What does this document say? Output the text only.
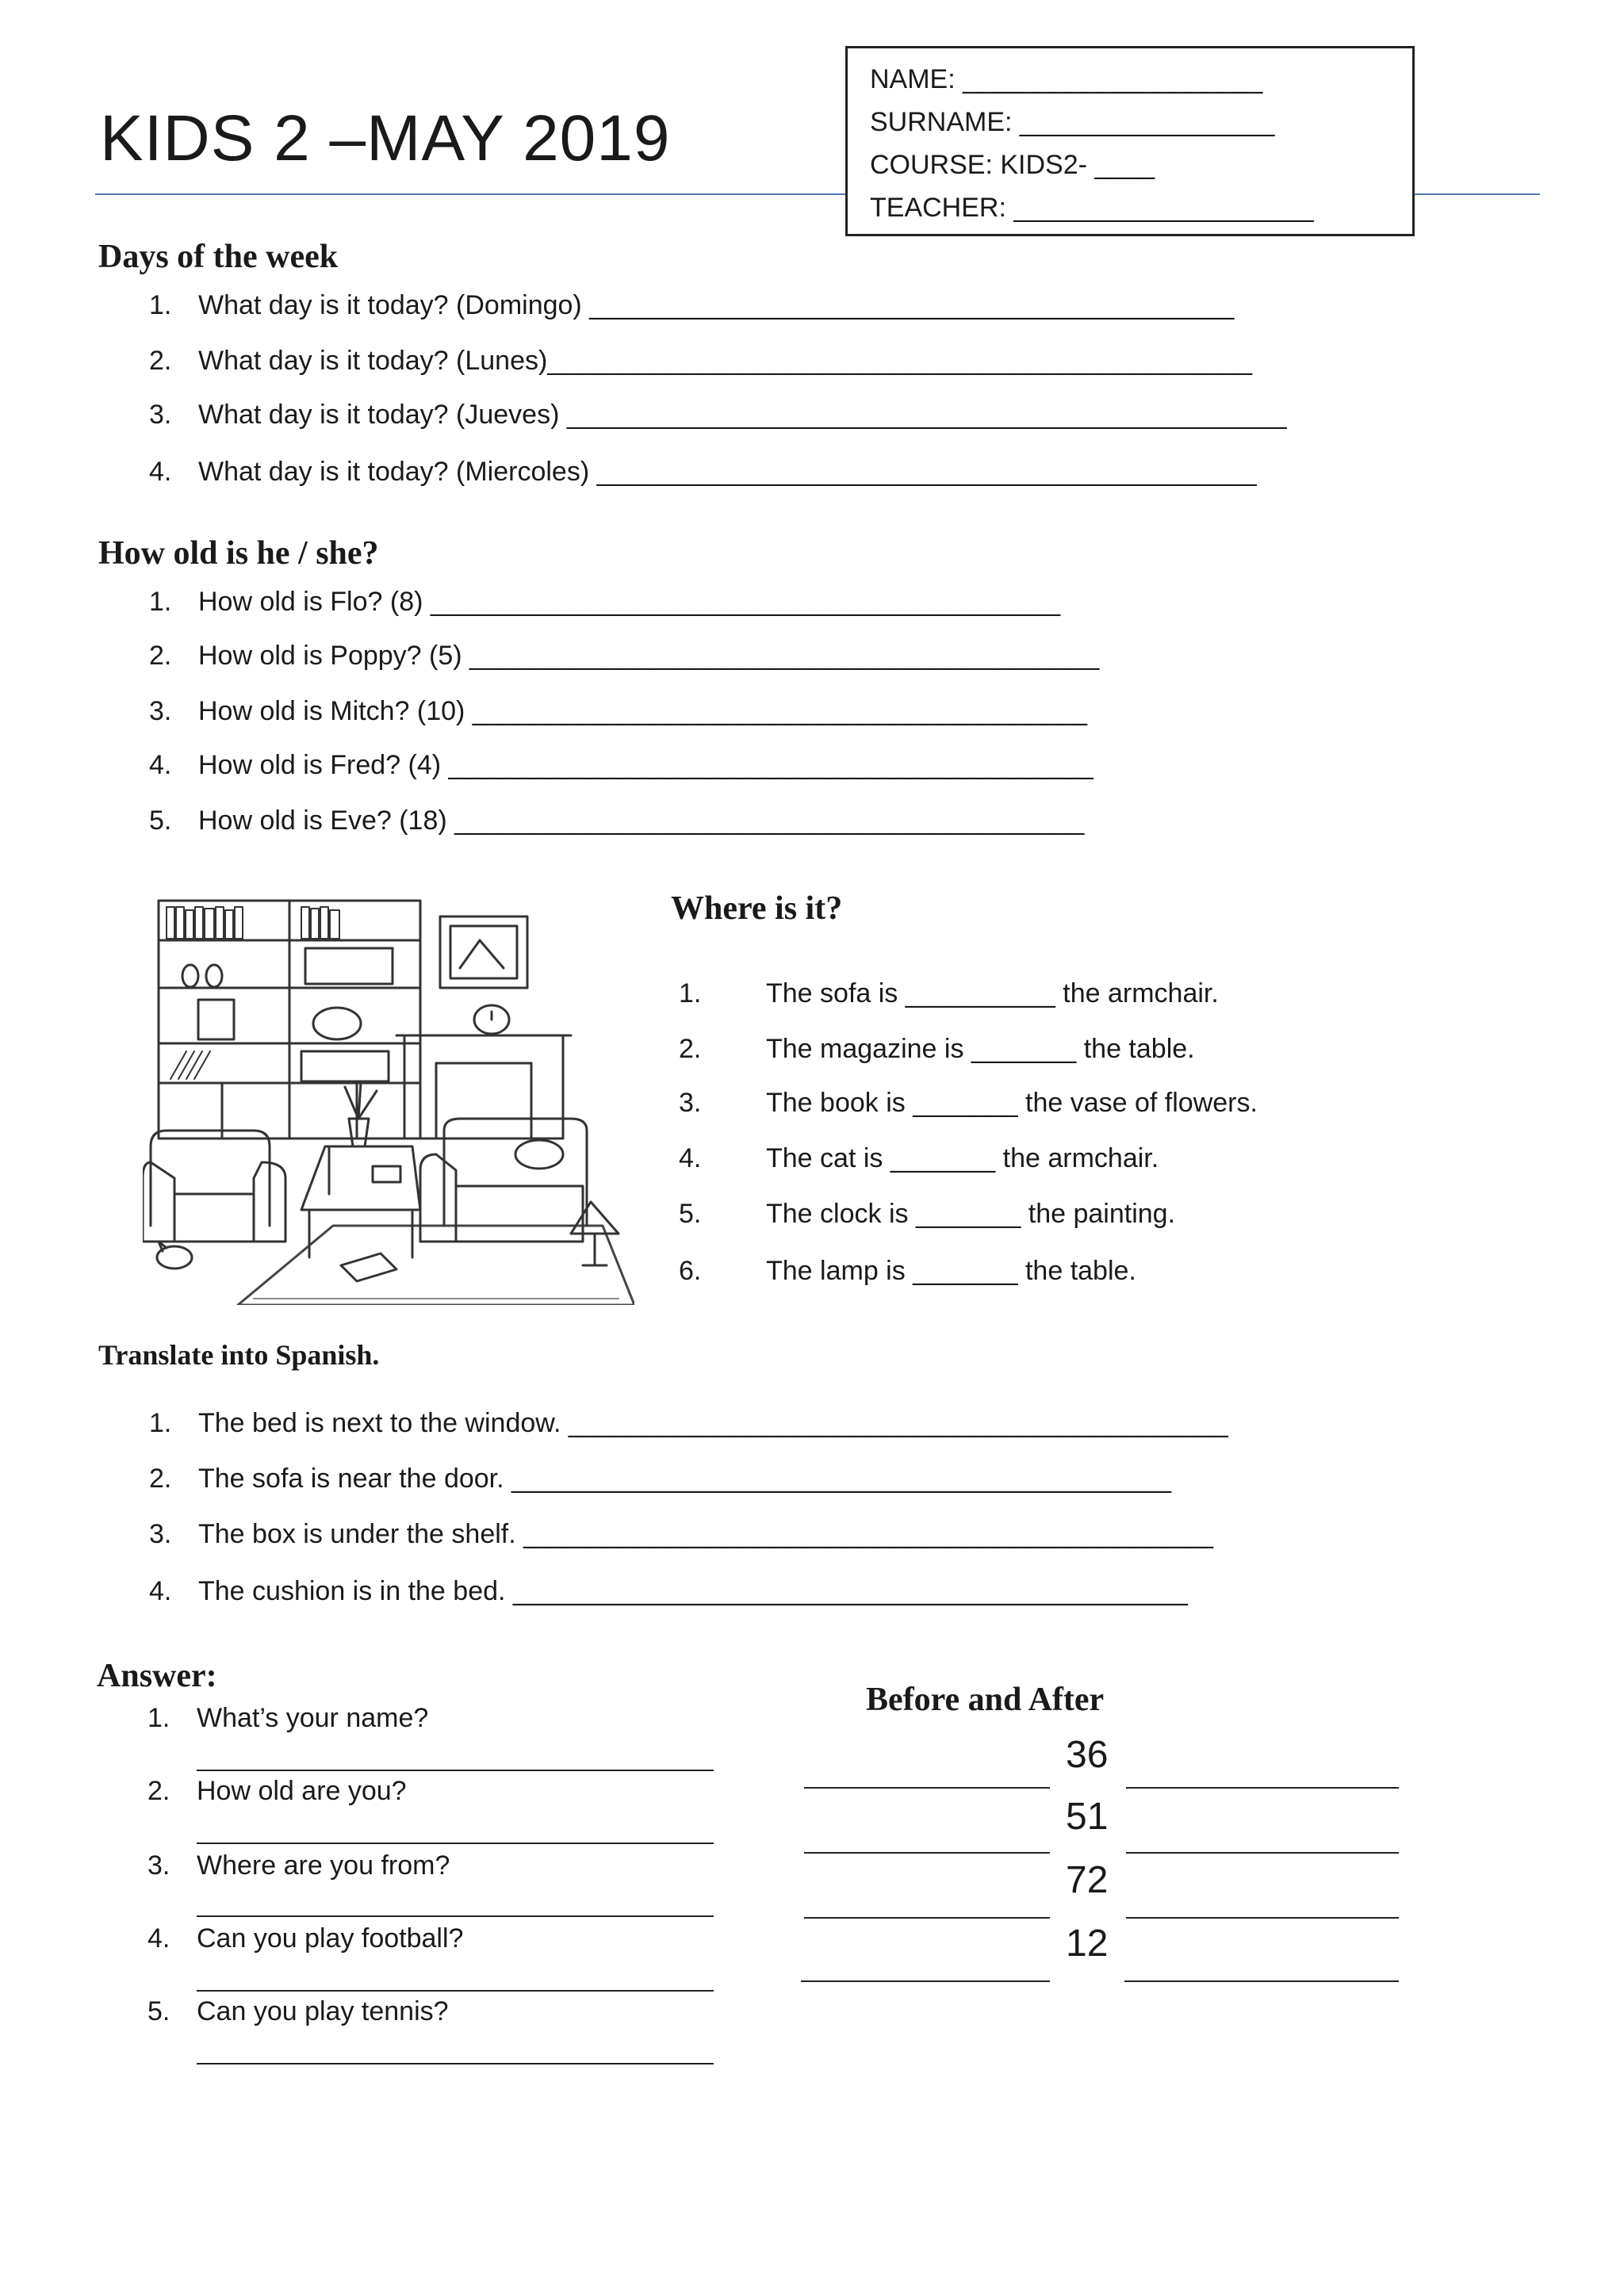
KIDS 2 –MAY 2019
NAME: ____________________
SURNAME: _________________
COURSE: KIDS2- ____
TEACHER: ____________________
Days of the week
1. What day is it today? (Domingo) ___________________________________________
2. What day is it today? (Lunes)_______________________________________________
3. What day is it today? (Jueves) ________________________________________________
4. What day is it today? (Miercoles) ____________________________________________
How old is he / she?
1. How old is Flo? (8) __________________________________________
2. How old is Poppy? (5) __________________________________________
3. How old is Mitch? (10) _________________________________________
4. How old is Fred? (4) ___________________________________________
5. How old is Eve? (18) __________________________________________
Where is it?
1. The sofa is __________ the armchair.
2. The magazine is _______ the table.
3. The book is _______ the vase of flowers.
4. The cat is _______ the armchair.
5. The clock is _______ the painting.
6. The lamp is _______ the table.
Translate into Spanish.
1. The bed is next to the window. ____________________________________________
2. The sofa is near the door. ____________________________________________
3. The box is under the shelf. ______________________________________________
4. The cushion is in the bed. _____________________________________________
Answer:
1. What’s your name?
2. How old are you?
3. Where are you from?
4. Can you play football?
5. Can you play tennis?
Before and After
36
51
72
12
